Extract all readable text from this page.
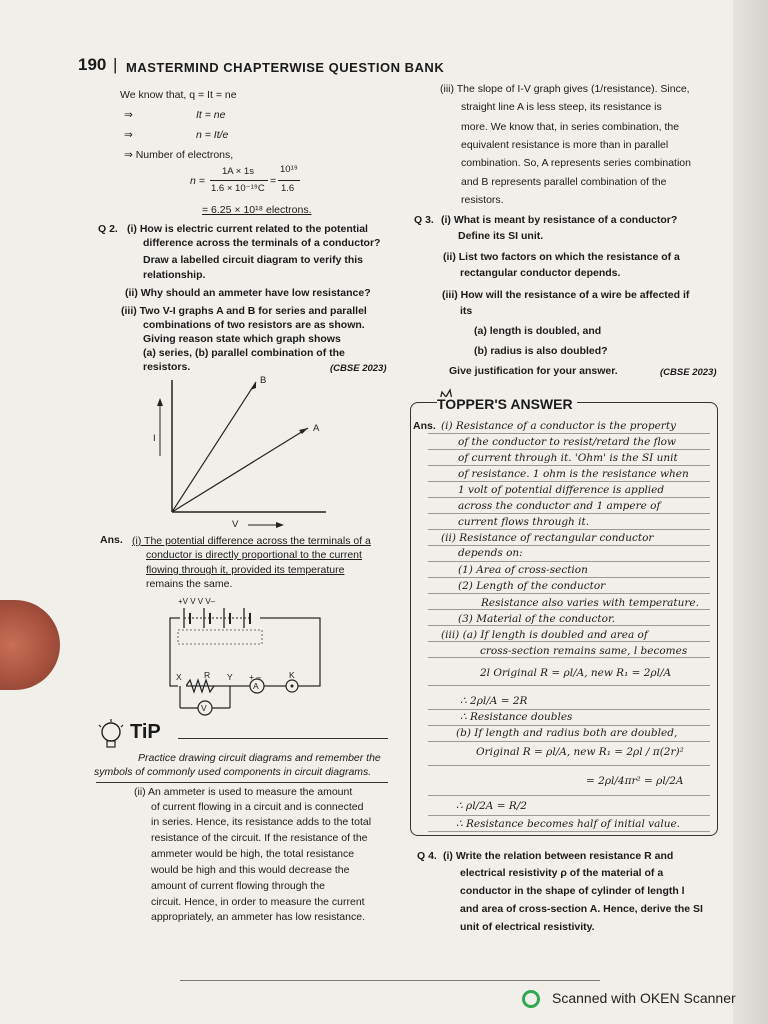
190 | MASTERMIND CHAPTERWISE QUESTION BANK
We know that, q = It = ne
⇒	It = ne
⇒	n = It/e
⇒ Number of electrons,
n =
1A × 1s
1.6 × 10⁻¹⁹C
=
10¹⁹
1.6
= 6.25 × 10¹⁸ electrons.
Q 2. (i) How is electric current related to the potential
difference across the terminals of a conductor?
Draw a labelled circuit diagram to verify this
relationship.
(ii) Why should an ammeter have low resistance?
(iii) Two V-I graphs A and B for series and parallel
combinations of two resistors are as shown.
Giving reason state which graph shows
(a) series, (b) parallel combination of the
resistors.	(CBSE 2023)
B
A
I
V
Ans. (i) The potential difference across the terminals of a
conductor is directly proportional to the current
flowing through it, provided its temperature
remains the same.
+V V V V–
X	R Y + –	K
A
V
TiP
Practice drawing circuit diagrams and remember the
symbols of commonly used components in circuit diagrams.
(ii) An ammeter is used to measure the amount
of current flowing in a circuit and is connected
in series. Hence, its resistance adds to the total
resistance of the circuit. If the resistance of the
ammeter would be high, the total resistance
would be high and this would decrease the
amount of current flowing through the
circuit. Hence, in order to measure the current
appropriately, an ammeter has low resistance.
(iii) The slope of I-V graph gives (1/resistance). Since,
straight line A is less steep, its resistance is
more. We know that, in series combination, the
equivalent resistance is more than in parallel
combination. So, A represents series combination
and B represents parallel combination of the
resistors.
Q 3. (i) What is meant by resistance of a conductor?
Define its SI unit.
(ii) List two factors on which the resistance of a
rectangular conductor depends.
(iii) How will the resistance of a wire be affected if
its
(a) length is doubled, and
(b) radius is also doubled?
Give justification for your answer.	(CBSE 2023)
TOPPER'S ANSWER
Ans. (i) Resistance of a conductor is the property
of the conductor to resist/retard the flow
of current through it. 'Ohm' is the SI unit
of resistance. 1 ohm is the resistance when
1 volt of potential difference is applied
across the conductor and 1 ampere of
current flows through it.
(ii) Resistance of rectangular conductor
depends on:
(1) Area of cross-section
(2) Length of the conductor
Resistance also varies with temperature.
(3) Material of the conductor.
(iii) (a) If length is doubled and area of
cross-section remains same, l becomes
2l Original R = ρl/A, new R₁ = 2ρl/A
∴ 2ρl/A = 2R
∴ Resistance doubles
(b) If length and radius both are doubled,
Original R = ρl/A, new R₁ = 2ρl / π(2r)²
= 2ρl/4πr² = ρl/2A
∴ ρl/2A = R/2
∴ Resistance becomes half of initial value.
Q 4. (i) Write the relation between resistance R and
electrical resistivity ρ of the material of a
conductor in the shape of cylinder of length l
and area of cross-section A. Hence, derive the SI
unit of electrical resistivity.
Scanned with OKEN Scanner
